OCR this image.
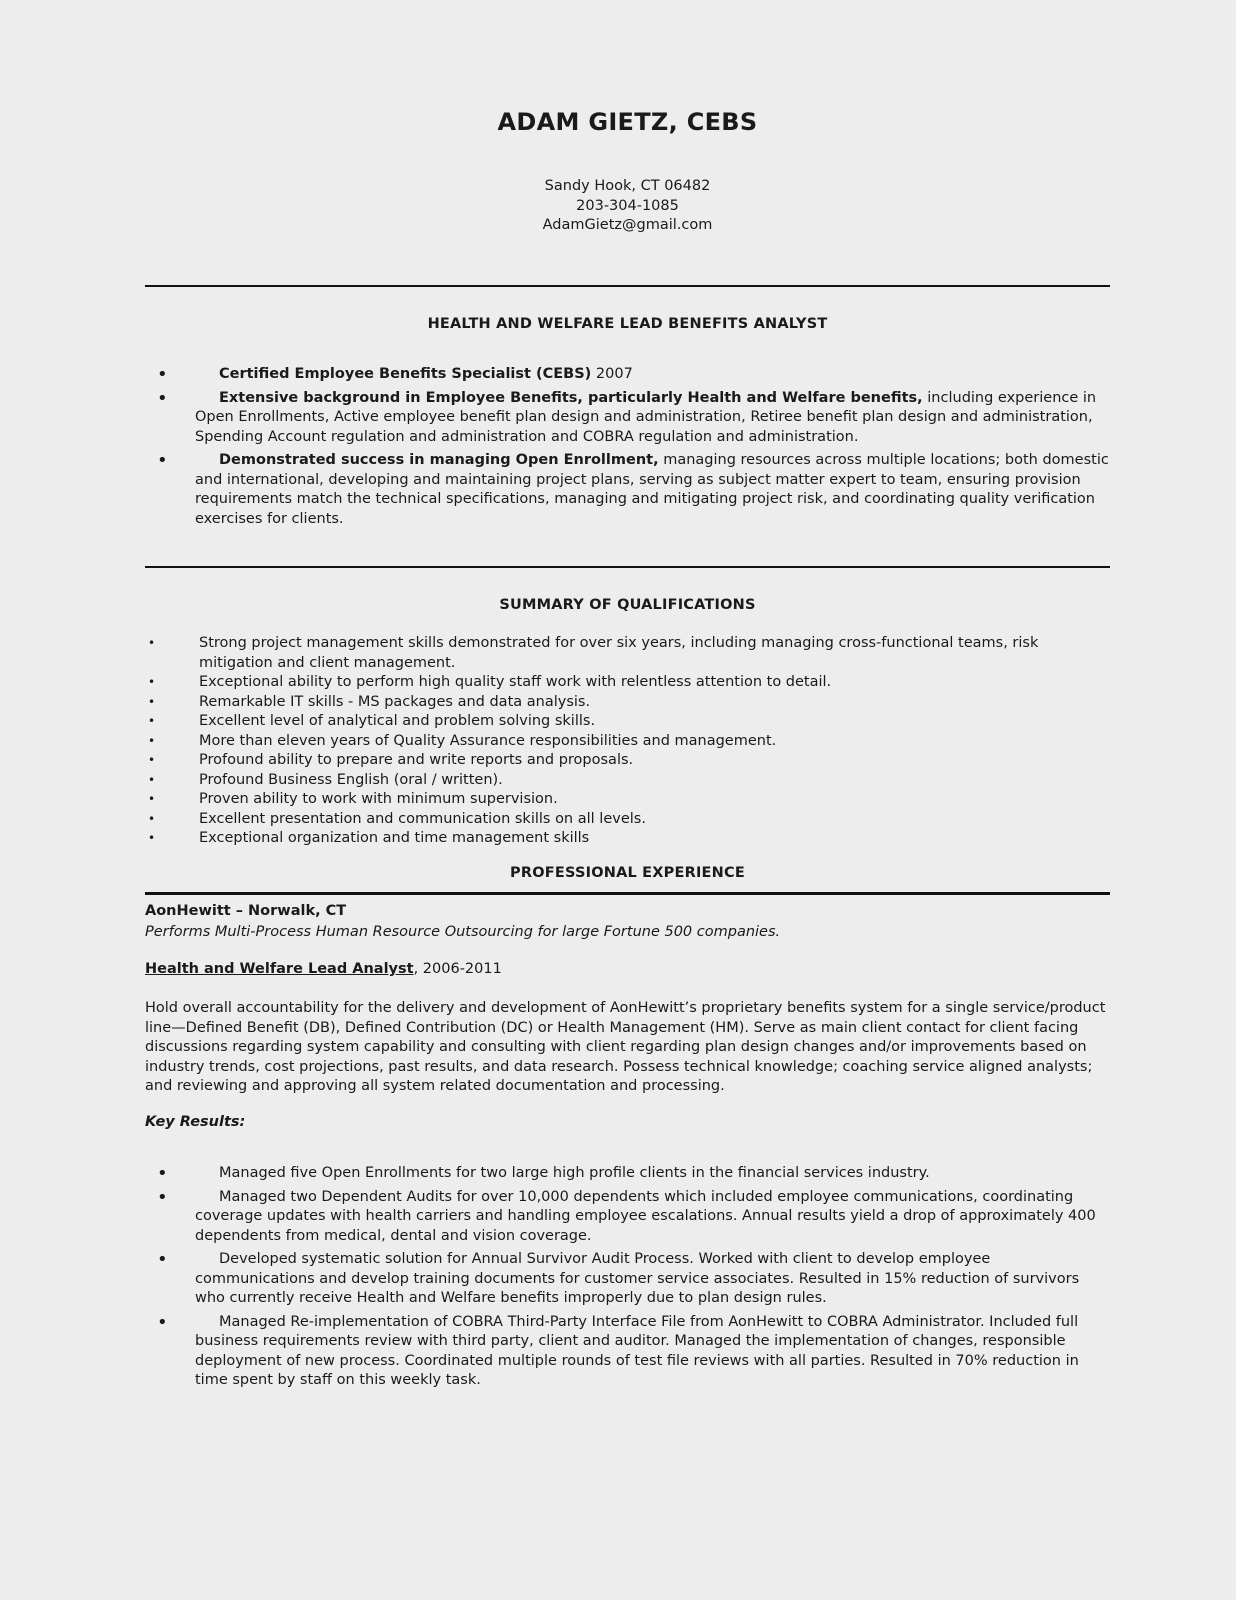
ADAM GIETZ, CEBS
Sandy Hook, CT 06482
203-304-1085
AdamGietz@gmail.com
HEALTH AND WELFARE LEAD BENEFITS ANALYST
•	Certified Employee Benefits Specialist (CEBS) 2007
•	Extensive background in Employee Benefits, particularly Health and Welfare benefits, including experience in Open Enrollments, Active employee benefit plan design and administration, Retiree benefit plan design and administration, Spending Account regulation and administration and COBRA regulation and administration.
•	Demonstrated success in managing Open Enrollment, managing resources across multiple locations; both domestic and international, developing and maintaining project plans, serving as subject matter expert to team, ensuring provision requirements match the technical specifications, managing and mitigating project risk, and coordinating quality verification exercises for clients.
SUMMARY OF QUALIFICATIONS
•	Strong project management skills demonstrated for over six years, including managing cross-functional teams, risk mitigation and client management.
•	Exceptional ability to perform high quality staff work with relentless attention to detail.
•	Remarkable IT skills - MS packages and data analysis.
•	Excellent level of analytical and problem solving skills.
•	More than eleven years of Quality Assurance responsibilities and management.
•	Profound ability to prepare and write reports and proposals.
•	Profound Business English (oral / written).
•	Proven ability to work with minimum supervision.
•	Excellent presentation and communication skills on all levels.
•	Exceptional organization and time management skills
PROFESSIONAL EXPERIENCE
AonHewitt – Norwalk, CT
Performs Multi-Process Human Resource Outsourcing for large Fortune 500 companies.
Health and Welfare Lead Analyst, 2006-2011
Hold overall accountability for the delivery and development of AonHewitt’s proprietary benefits system for a single service/product line—Defined Benefit (DB), Defined Contribution (DC) or Health Management (HM). Serve as main client contact for client facing discussions regarding system capability and consulting with client regarding plan design changes and/or improvements based on industry trends, cost projections, past results, and data research. Possess technical knowledge; coaching service aligned analysts; and reviewing and approving all system related documentation and processing.
Key Results:
•	Managed five Open Enrollments for two large high profile clients in the financial services industry.
•	Managed two Dependent Audits for over 10,000 dependents which included employee communications, coordinating coverage updates with health carriers and handling employee escalations. Annual results yield a drop of approximately 400 dependents from medical, dental and vision coverage.
•	Developed systematic solution for Annual Survivor Audit Process. Worked with client to develop employee communications and develop training documents for customer service associates. Resulted in 15% reduction of survivors who currently receive Health and Welfare benefits improperly due to plan design rules.
•	Managed Re-implementation of COBRA Third-Party Interface File from AonHewitt to COBRA Administrator. Included full business requirements review with third party, client and auditor. Managed the implementation of changes, responsible deployment of new process. Coordinated multiple rounds of test file reviews with all parties. Resulted in 70% reduction in time spent by staff on this weekly task.
